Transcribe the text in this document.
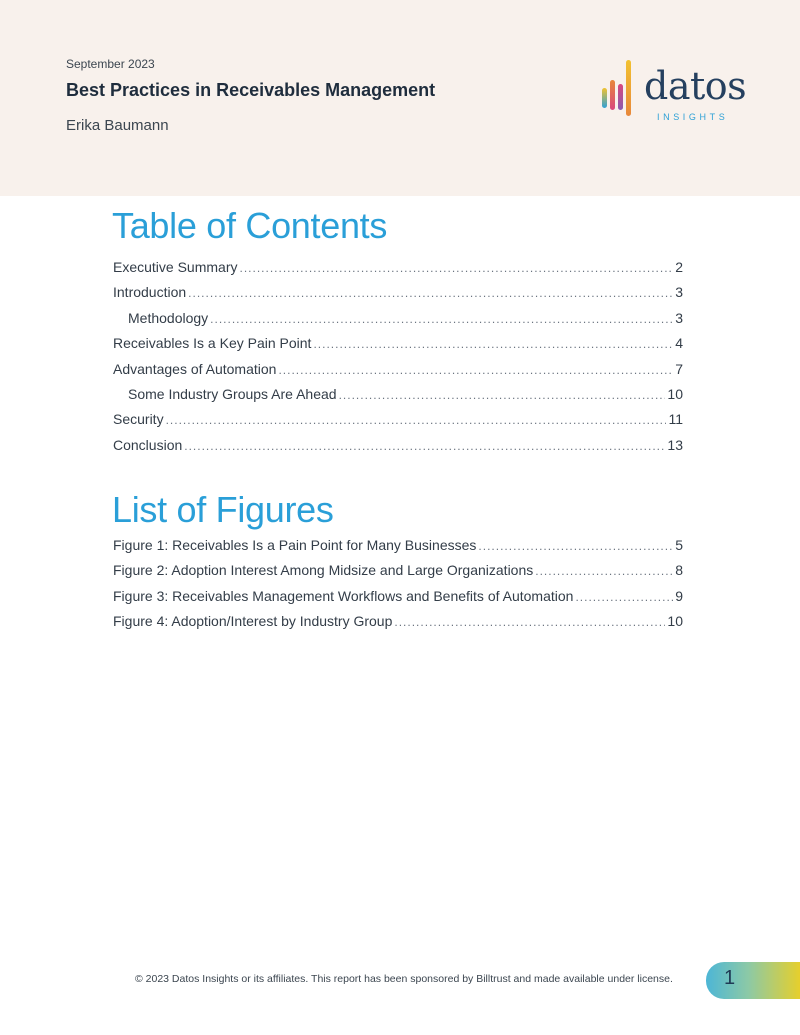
September 2023
Best Practices in Receivables Management
Erika Baumann
datos
INSIGHTS
Table of Contents
Executive Summary .....	2
Introduction .....	3
Methodology .....	3
Receivables Is a Key Pain Point .....	4
Advantages of Automation .....	7
Some Industry Groups Are Ahead .....	10
Security .....	11
Conclusion .....	13
List of Figures
Figure 1: Receivables Is a Pain Point for Many Businesses .....	5
Figure 2: Adoption Interest Among Midsize and Large Organizations .....	8
Figure 3: Receivables Management Workflows and Benefits of Automation .....	9
Figure 4: Adoption/Interest by Industry Group .....	10
© 2023 Datos Insights or its affiliates. This report has been sponsored by Billtrust and made available under license.	1
